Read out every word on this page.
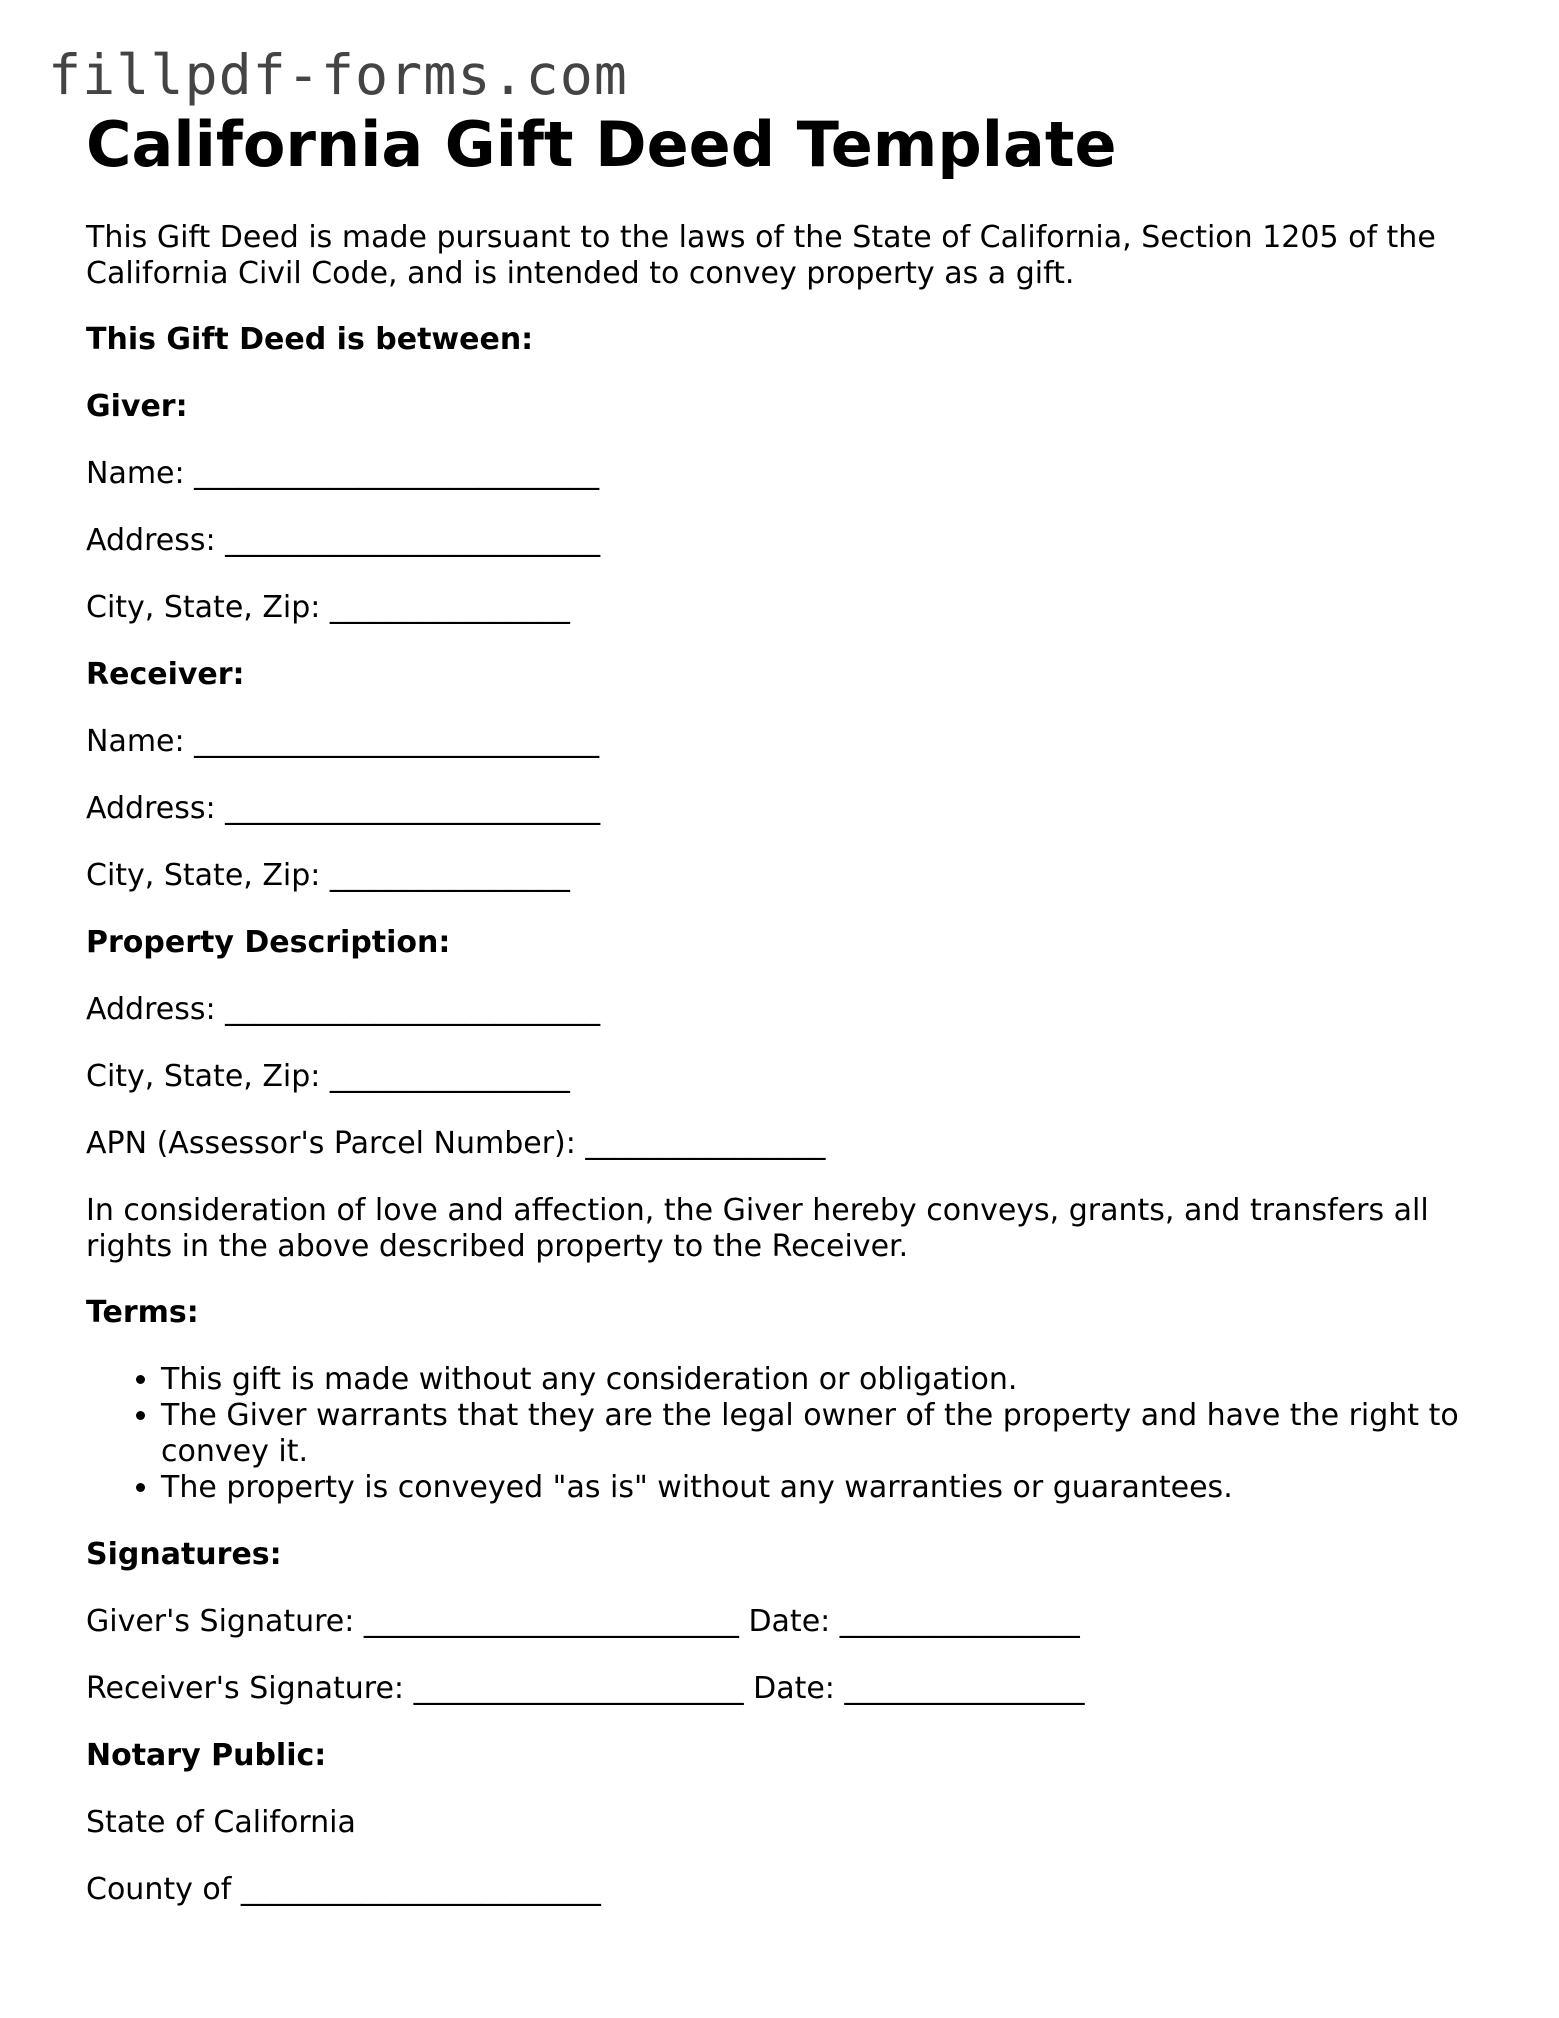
fillpdf-forms.com
California Gift Deed Template
This Gift Deed is made pursuant to the laws of the State of California, Section 1205 of the California Civil Code, and is intended to convey property as a gift.
This Gift Deed is between:
Giver:
Name: ___________________________
Address: _________________________
City, State, Zip: ________________
Receiver:
Name: ___________________________
Address: _________________________
City, State, Zip: ________________
Property Description:
Address: _________________________
City, State, Zip: ________________
APN (Assessor's Parcel Number): ________________
In consideration of love and affection, the Giver hereby conveys, grants, and transfers all rights in the above described property to the Receiver.
Terms:
• This gift is made without any consideration or obligation.
• The Giver warrants that they are the legal owner of the property and have the right to convey it.
• The property is conveyed "as is" without any warranties or guarantees.
Signatures:
Giver's Signature: _________________________ Date: ________________
Receiver's Signature: ______________________ Date: ________________
Notary Public:
State of California
County of ________________________
